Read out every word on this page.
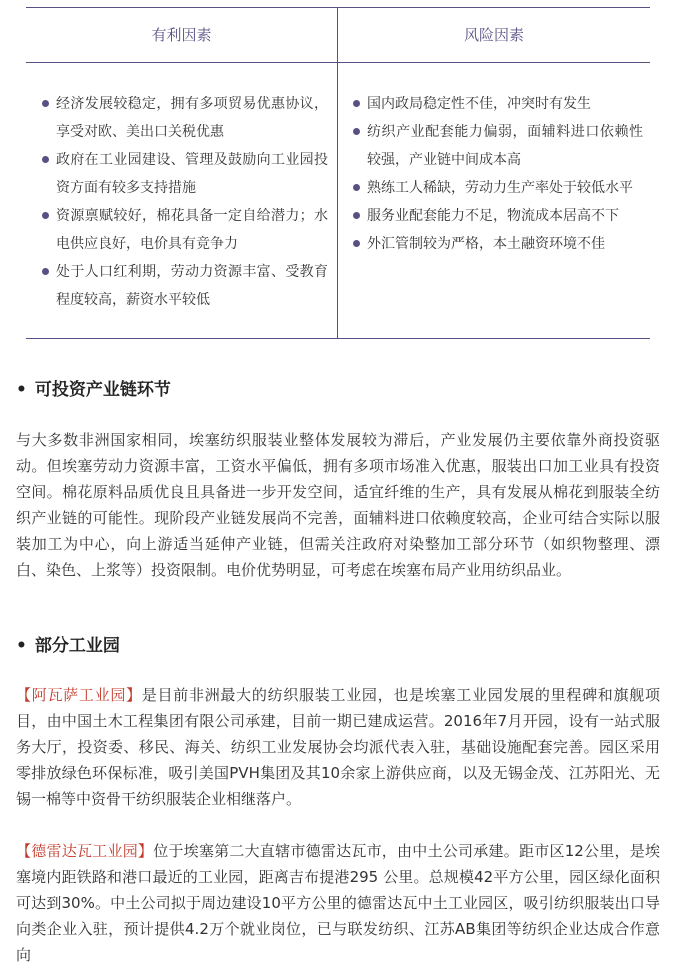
有利因素	风险因素
经济发展较稳定，拥有多项贸易优惠协议，享受对欧、美出口关税优惠
政府在工业园建设、管理及鼓励向工业园投资方面有较多支持措施
资源禀赋较好，棉花具备一定自给潜力；水电供应良好，电价具有竞争力
处于人口红利期，劳动力资源丰富、受教育程度较高，薪资水平较低
国内政局稳定性不佳，冲突时有发生
纺织产业配套能力偏弱，面辅料进口依赖性较强，产业链中间成本高
熟练工人稀缺，劳动力生产率处于较低水平
服务业配套能力不足，物流成本居高不下
外汇管制较为严格，本土融资环境不佳
• 可投资产业链环节

与大多数非洲国家相同，埃塞纺织服装业整体发展较为滞后，产业发展仍主要依靠外商投资驱动。但埃塞劳动力资源丰富，工资水平偏低，拥有多项市场准入优惠，服装出口加工业具有投资空间。棉花原料品质优良且具备进一步开发空间，适宜纤维的生产，具有发展从棉花到服装全纺织产业链的可能性。现阶段产业链发展尚不完善，面辅料进口依赖度较高，企业可结合实际以服装加工为中心，向上游适当延伸产业链，但需关注政府对染整加工部分环节（如织物整理、漂白、染色、上浆等）投资限制。电价优势明显，可考虑在埃塞布局产业用纺织品业。

• 部分工业园

【阿瓦萨工业园】是目前非洲最大的纺织服装工业园，也是埃塞工业园发展的里程碑和旗舰项目，由中国土木工程集团有限公司承建，目前一期已建成运营。2016年7月开园，设有一站式服务大厅，投资委、移民、海关、纺织工业发展协会均派代表入驻，基础设施配套完善。园区采用零排放绿色环保标准，吸引美国PVH集团及其10余家上游供应商，以及无锡金茂、江苏阳光、无锡一棉等中资骨干纺织服装企业相继落户。

【德雷达瓦工业园】位于埃塞第二大直辖市德雷达瓦市，由中土公司承建。距市区12公里，是埃塞境内距铁路和港口最近的工业园，距离吉布提港295 公里。总规模42平方公里，园区绿化面积可达到30%。中土公司拟于周边建设10平方公里的德雷达瓦中土工业园区，吸引纺织服装出口导向类企业入驻，预计提供4.2万个就业岗位，已与联发纺织、江苏AB集团等纺织企业达成合作意向
